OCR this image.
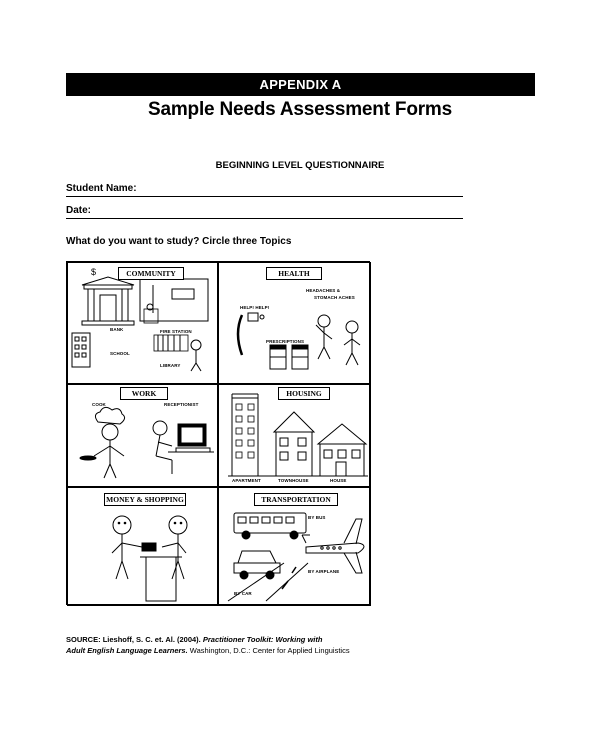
APPENDIX A
Sample Needs Assessment Forms
BEGINNING LEVEL QUESTIONNAIRE
Student Name:
Date:
What do you want to study? Circle three Topics
$	COMMUNITY
BANK
SCHOOL
FIRE STATION
LIBRARY
HEALTH
HEADACHES &
STOMACH ACHES
HELP! HELP!
PRESCRIPTIONS
WORK
COOK	RECEPTIONIST
HOUSING
APARTMENT	TOWNHOUSE	HOUSE
MONEY & SHOPPING	TRANSPORTATION
BY BUS
BY AIRPLANE
BY CAR
SOURCE: Lieshoff, S. C. et. Al. (2004). Practitioner Toolkit: Working with
Adult English Language Learners. Washington, D.C.: Center for Applied Linguistics
